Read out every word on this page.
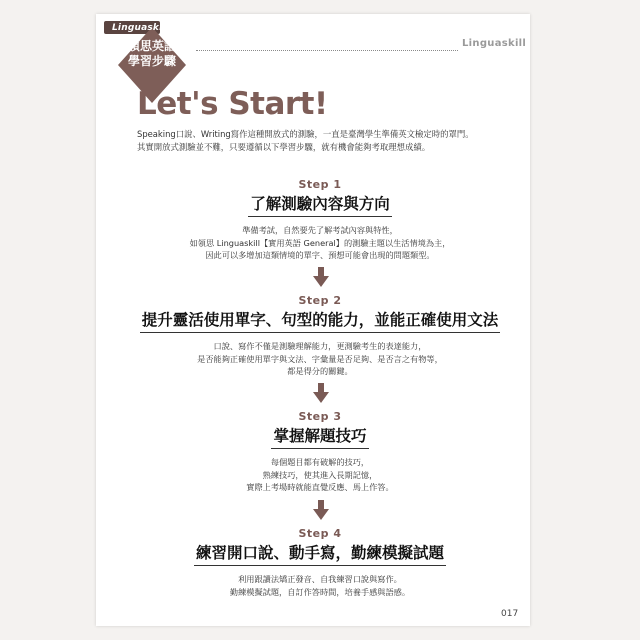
Linguaskill
領思英語
學習步驟
Linguaskill
Let's Start!

Speaking口說、Writing寫作這種開放式的測驗，一直是臺灣學生準備英文檢定時的罩門。

其實開放式測驗並不難，只要遵循以下學習步驟，就有機會能夠考取理想成績。

Step 1
了解測驗內容與方向
準備考試，自然要先了解考試內容與特性，
如領思 Linguaskill【實用英語 General】的測驗主題以生活情境為主，
因此可以多增加這類情境的單字、預想可能會出現的問題類型。
Step 2
提升靈活使用單字、句型的能力，並能正確使用文法
口說、寫作不僅是測驗理解能力，更測驗考生的表達能力，
是否能夠正確使用單字與文法、字彙量是否足夠、是否言之有物等，
都是得分的關鍵。
Step 3
掌握解題技巧
每個題目都有破解的技巧，
熟練技巧，使其進入長期記憶，
實際上考場時就能直覺反應、馬上作答。
Step 4
練習開口說、動手寫，勤練模擬試題
利用跟讀法矯正發音、自我練習口說與寫作。
勤練模擬試題，自訂作答時間，培養手感與語感。
017
